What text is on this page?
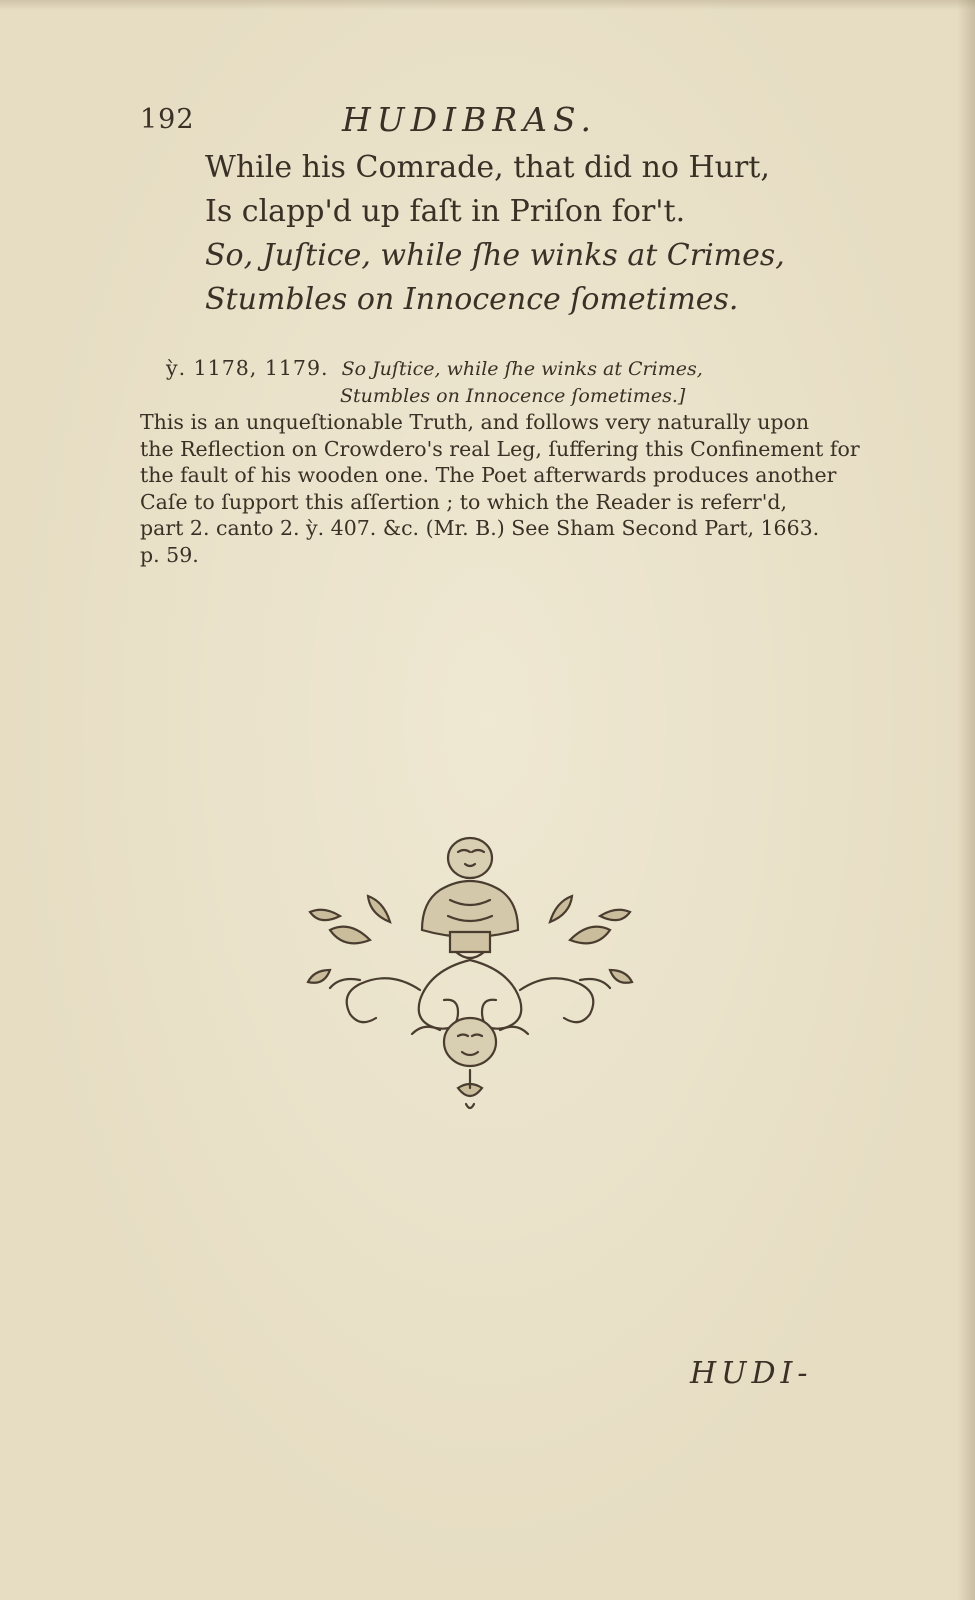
192	HUDIBRAS.
While his Comrade, that did no Hurt,
Is clapp'd up faſt in Priſon for't.
So, Juſtice, while ſhe winks at Crimes,
Stumbles on Innocence ſometimes.
ỳ. 1178, 1179. So Juſtice, while ſhe winks at Crimes,
Stumbles on Innocence ſometimes.]
This is an unqueſtionable Truth, and follows very naturally upon
the Reflection on Crowdero's real Leg, ſuffering this Confinement for
the fault of his wooden one. The Poet afterwards produces another
Caſe to ſupport this aſſertion ; to which the Reader is referr'd,
part 2. canto 2. ỳ. 407. &c. (Mr. B.) See Sham Second Part, 1663.
p. 59.
HUDI-
